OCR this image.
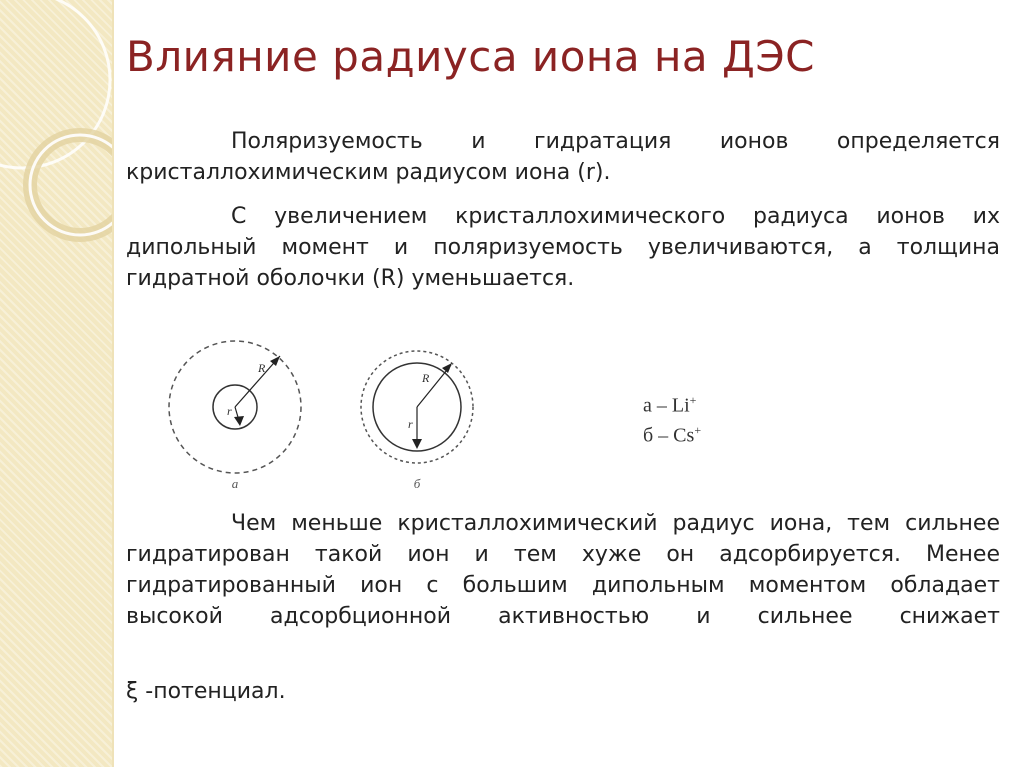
Влияние радиуса иона на ДЭС

Поляризуемость и гидратация ионов определяется кристаллохимическим радиусом иона (r).

С увеличением кристаллохимического радиуса ионов их дипольный момент и поляризуемость увеличиваются, а толщина гидратной оболочки (R) уменьшается.

R
r
а
R
r
б
а – Li+
б – Cs+

Чем меньше кристаллохимический радиус иона, тем сильнее гидратирован такой ион и тем хуже он адсорбируется. Менее гидратированный ион с большим дипольным моментом обладает высокой адсорбционной активностью и сильнее снижает

ξ -потенциал.
